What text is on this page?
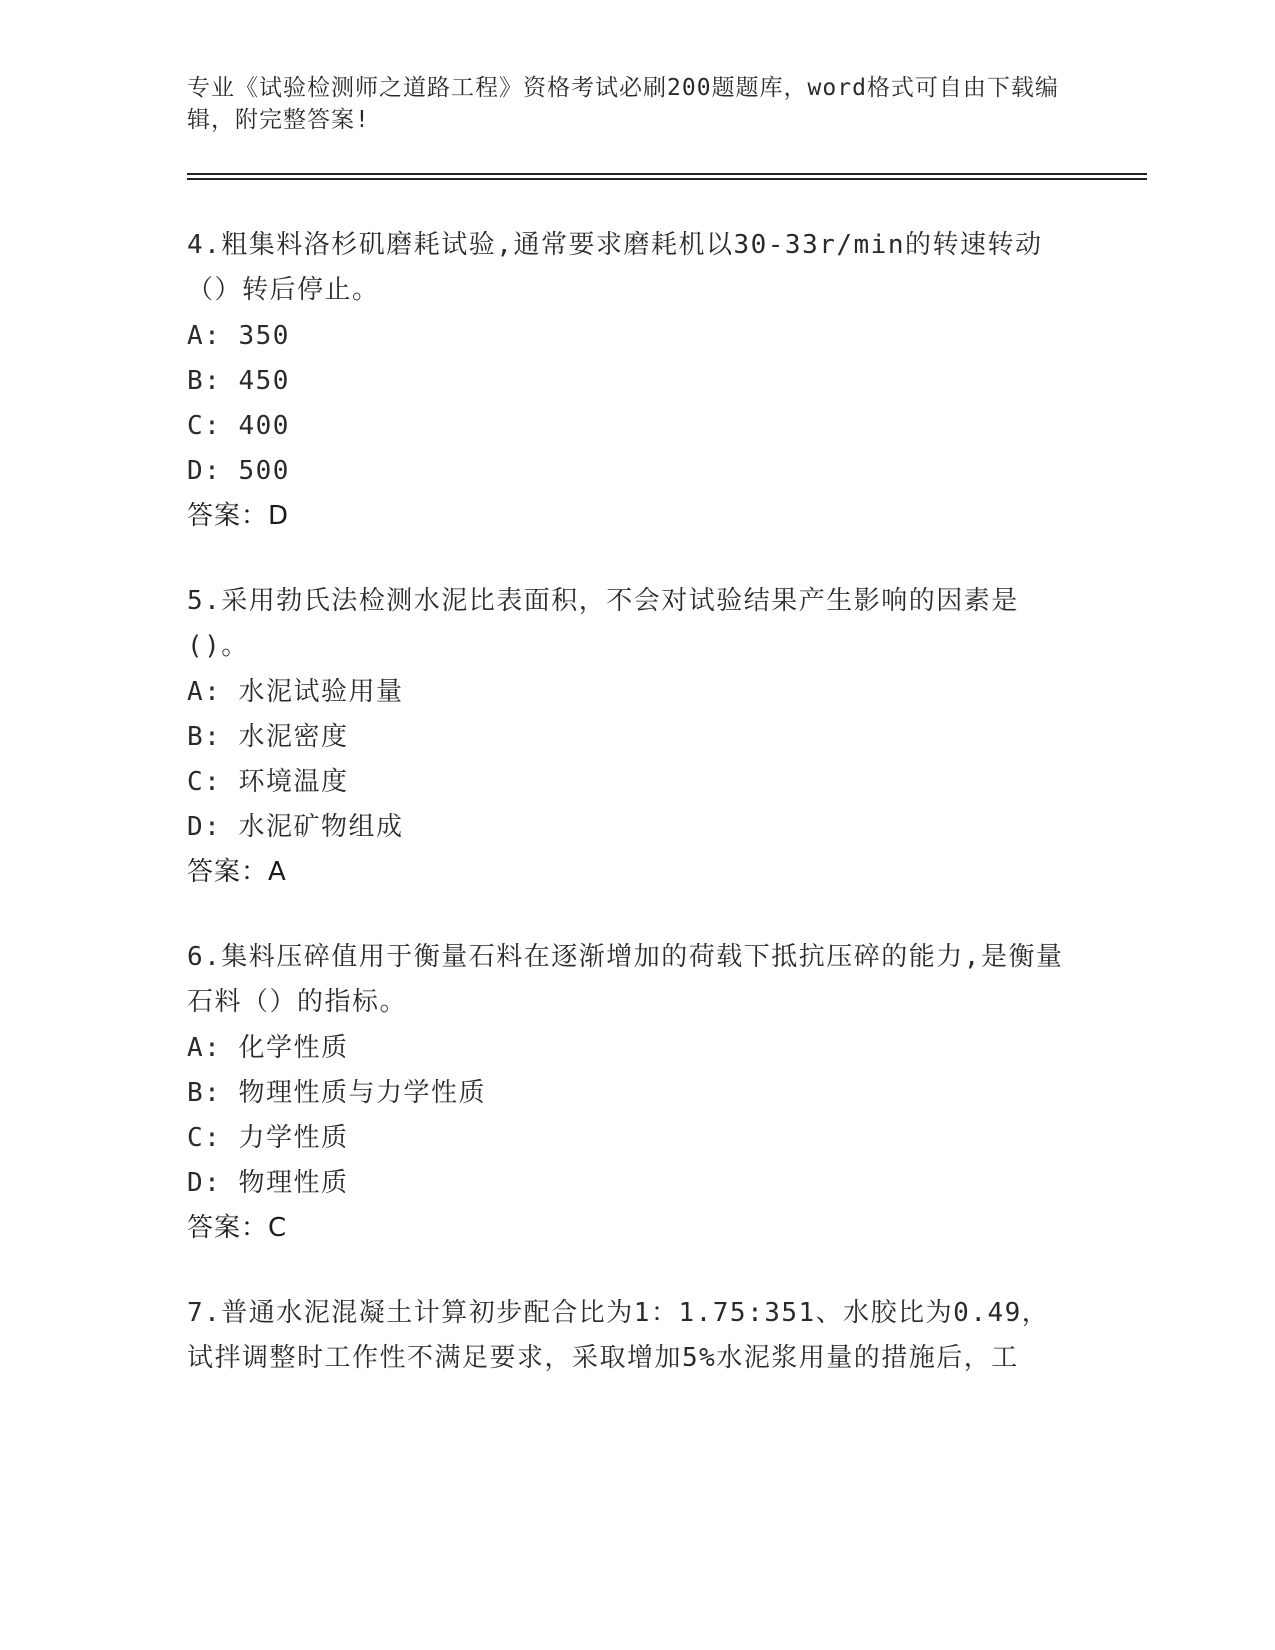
专业《试验检测师之道路工程》资格考试必刷200题题库，word格式可自由下载编辑，附完整答案!
4.粗集料洛杉矶磨耗试验,通常要求磨耗机以30-33r/min的转速转动（）转后停止。
A: 350
B: 450
C: 400
D: 500
答案：D
5.采用勃氏法检测水泥比表面积，不会对试验结果产生影响的因素是()。
A: 水泥试验用量
B: 水泥密度
C: 环境温度
D: 水泥矿物组成
答案：A
6.集料压碎值用于衡量石料在逐渐增加的荷载下抵抗压碎的能力,是衡量石料（）的指标。
A: 化学性质
B: 物理性质与力学性质
C: 力学性质
D: 物理性质
答案：C
7.普通水泥混凝土计算初步配合比为1：1.75:351、水胶比为0.49，试拌调整时工作性不满足要求，采取增加5%水泥浆用量的措施后，工
